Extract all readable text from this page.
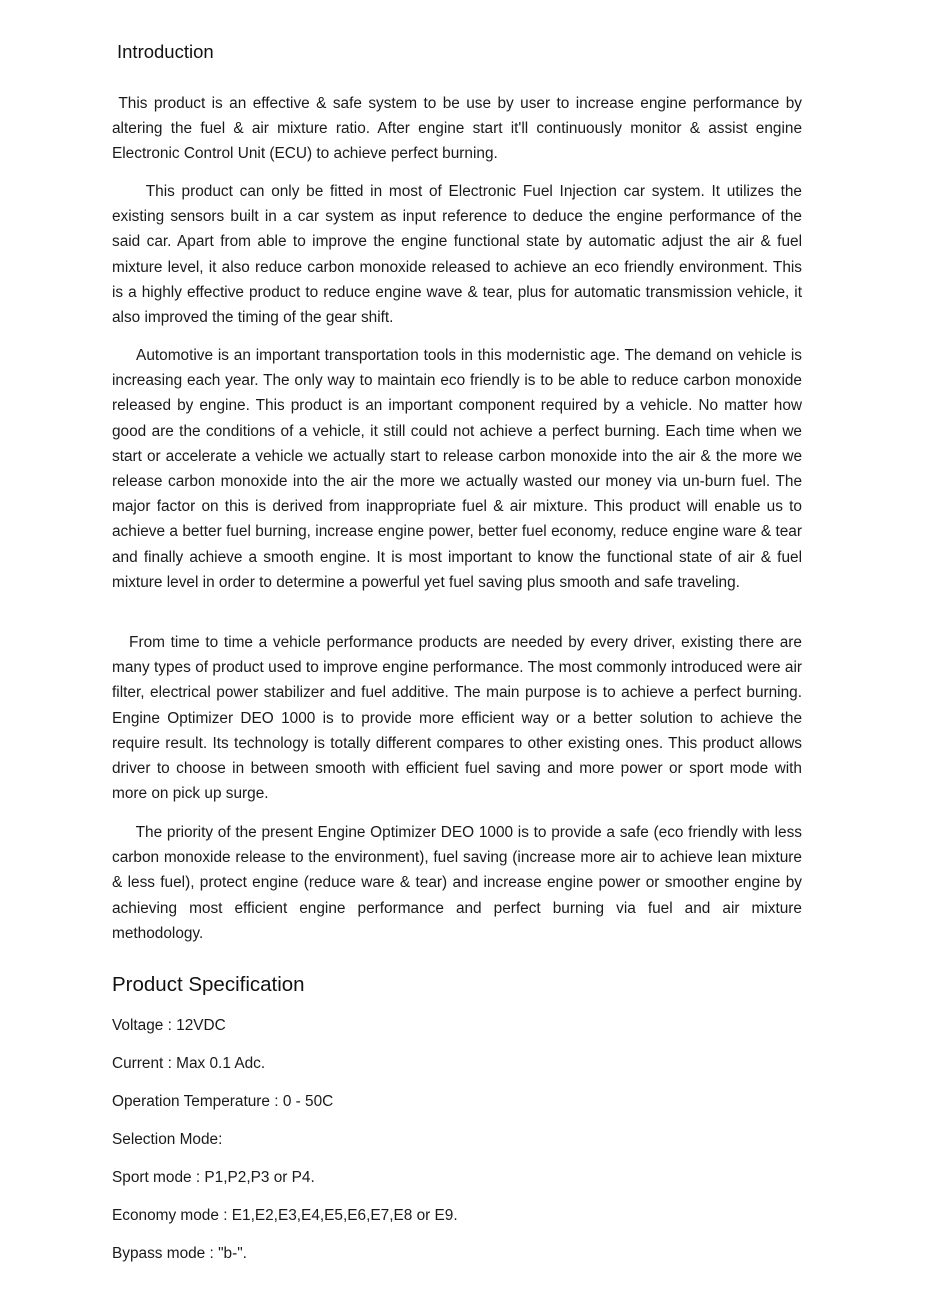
Introduction

This product is an effective & safe system to be use by user to increase engine performance by altering the fuel & air mixture ratio. After engine start it'll continuously monitor & assist engine Electronic Control Unit (ECU) to achieve perfect burning.

This product can only be fitted in most of Electronic Fuel Injection car system. It utilizes the existing sensors built in a car system as input reference to deduce the engine performance of the said car. Apart from able to improve the engine functional state by automatic adjust the air & fuel mixture level, it also reduce carbon monoxide released to achieve an eco friendly environment. This is a highly effective product to reduce engine wave & tear, plus for automatic transmission vehicle, it also improved the timing of the gear shift.

Automotive is an important transportation tools in this modernistic age. The demand on vehicle is increasing each year. The only way to maintain eco friendly is to be able to reduce carbon monoxide released by engine. This product is an important component required by a vehicle. No matter how good are the conditions of a vehicle, it still could not achieve a perfect burning. Each time when we start or accelerate a vehicle we actually start to release carbon monoxide into the air & the more we release carbon monoxide into the air the more we actually wasted our money via un-burn fuel. The major factor on this is derived from inappropriate fuel & air mixture. This product will enable us to achieve a better fuel burning, increase engine power, better fuel economy, reduce engine ware & tear and finally achieve a smooth engine. It is most important to know the functional state of air & fuel mixture level in order to determine a powerful yet fuel saving plus smooth and safe traveling.

From time to time a vehicle performance products are needed by every driver, existing there are many types of product used to improve engine performance. The most commonly introduced were air filter, electrical power stabilizer and fuel additive. The main purpose is to achieve a perfect burning. Engine Optimizer DEO 1000 is to provide more efficient way or a better solution to achieve the require result. Its technology is totally different compares to other existing ones. This product allows driver to choose in between smooth with efficient fuel saving and more power or sport mode with more on pick up surge.

The priority of the present Engine Optimizer DEO 1000 is to provide a safe (eco friendly with less carbon monoxide release to the environment), fuel saving (increase more air to achieve lean mixture & less fuel), protect engine (reduce ware & tear) and increase engine power or smoother engine by achieving most efficient engine performance and perfect burning via fuel and air mixture methodology.

Product Specification

Voltage : 12VDC

Current : Max 0.1 Adc.

Operation Temperature : 0 - 50C

Selection Mode:

Sport mode : P1,P2,P3 or P4.

Economy mode : E1,E2,E3,E4,E5,E6,E7,E8 or E9.

Bypass mode : "b-".
